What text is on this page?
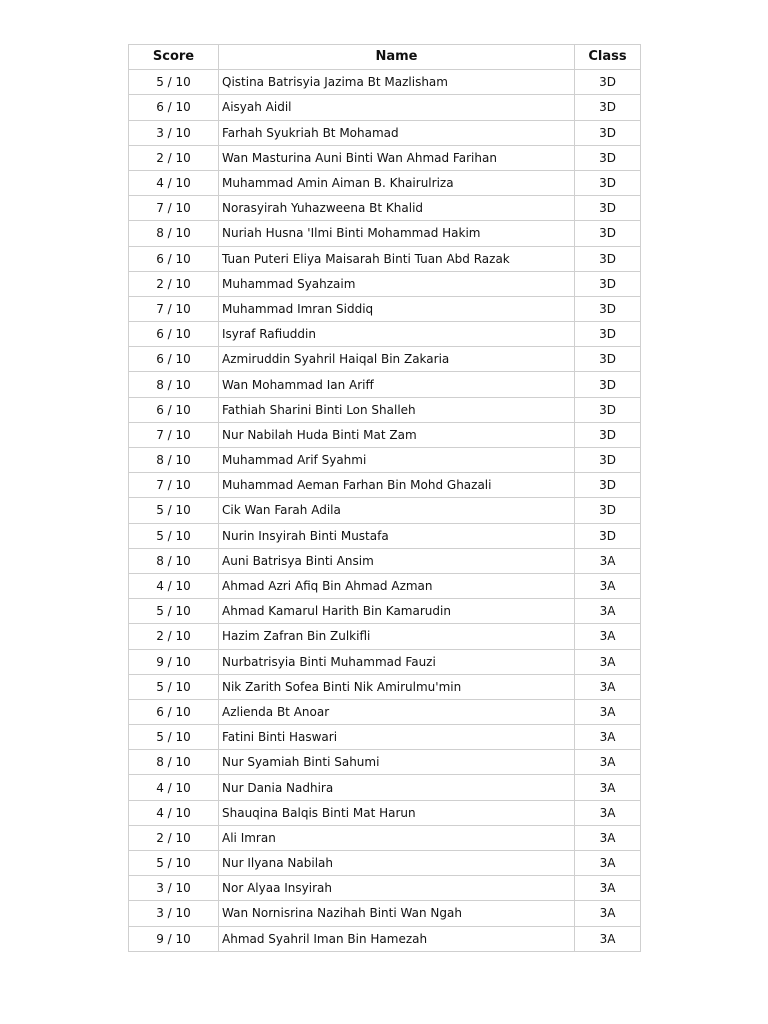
Score	Name	Class
5 / 10	Qistina Batrisyia Jazima Bt Mazlisham	3D
6 / 10	Aisyah Aidil	3D
3 / 10	Farhah Syukriah Bt Mohamad	3D
2 / 10	Wan Masturina Auni Binti Wan Ahmad Farihan	3D
4 / 10	Muhammad Amin Aiman B. Khairulriza	3D
7 / 10	Norasyirah Yuhazweena Bt Khalid	3D
8 / 10	Nuriah Husna 'Ilmi Binti Mohammad Hakim	3D
6 / 10	Tuan Puteri Eliya Maisarah Binti Tuan Abd Razak	3D
2 / 10	Muhammad Syahzaim	3D
7 / 10	Muhammad Imran Siddiq	3D
6 / 10	Isyraf Rafiuddin	3D
6 / 10	Azmiruddin Syahril Haiqal Bin Zakaria	3D
8 / 10	Wan Mohammad Ian Ariff	3D
6 / 10	Fathiah Sharini Binti Lon Shalleh	3D
7 / 10	Nur Nabilah Huda Binti Mat Zam	3D
8 / 10	Muhammad Arif Syahmi	3D
7 / 10	Muhammad Aeman Farhan Bin Mohd Ghazali	3D
5 / 10	Cik Wan Farah Adila	3D
5 / 10	Nurin Insyirah Binti Mustafa	3D
8 / 10	Auni Batrisya Binti Ansim	3A
4 / 10	Ahmad Azri Afiq Bin Ahmad Azman	3A
5 / 10	Ahmad Kamarul Harith Bin Kamarudin	3A
2 / 10	Hazim Zafran Bin Zulkifli	3A
9 / 10	Nurbatrisyia Binti Muhammad Fauzi	3A
5 / 10	Nik Zarith Sofea Binti Nik Amirulmu'min	3A
6 / 10	Azlienda Bt Anoar	3A
5 / 10	Fatini Binti Haswari	3A
8 / 10	Nur Syamiah Binti Sahumi	3A
4 / 10	Nur Dania Nadhira	3A
4 / 10	Shauqina Balqis Binti Mat Harun	3A
2 / 10	Ali Imran	3A
5 / 10	Nur Ilyana Nabilah	3A
3 / 10	Nor Alyaa Insyirah	3A
3 / 10	Wan Nornisrina Nazihah Binti Wan Ngah	3A
9 / 10	Ahmad Syahril Iman Bin Hamezah	3A
